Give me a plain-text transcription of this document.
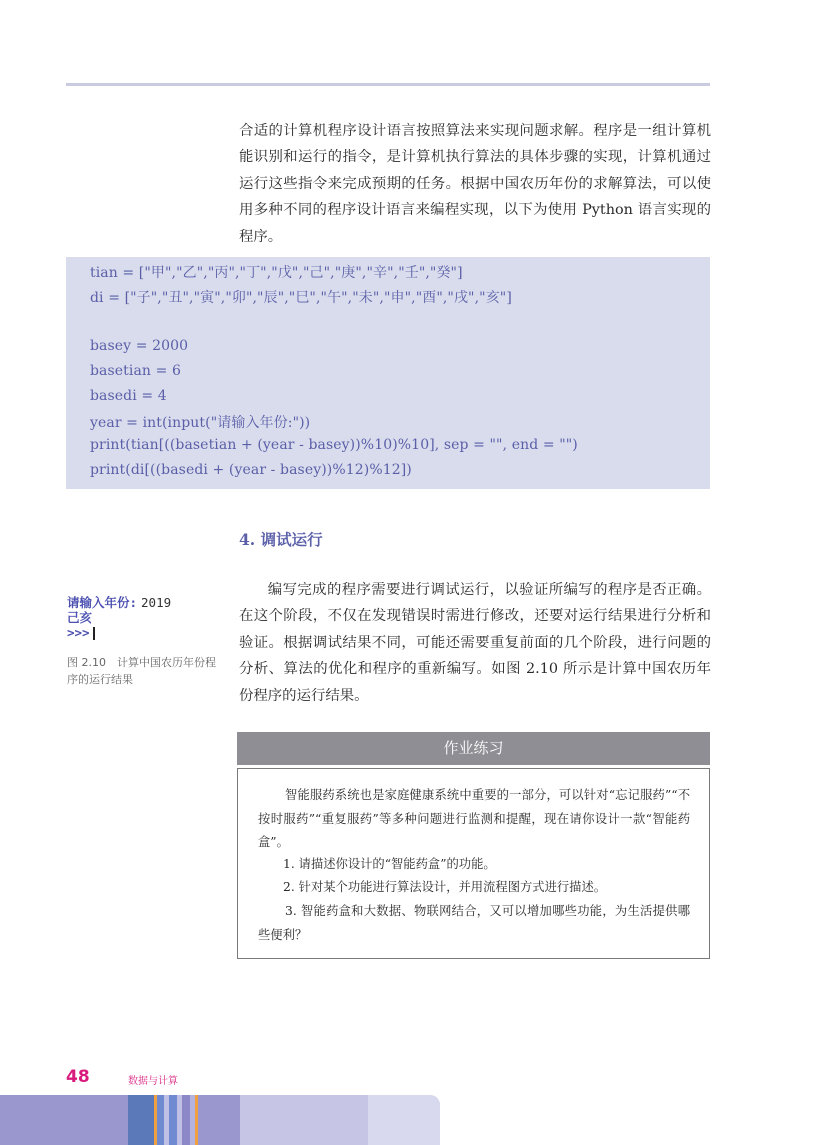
合适的计算机程序设计语言按照算法来实现问题求解。程序是一组计算机能识别和运行的指令，是计算机执行算法的具体步骤的实现，计算机通过运行这些指令来完成预期的任务。根据中国农历年份的求解算法，可以使用多种不同的程序设计语言来编程实现，以下为使用 Python 语言实现的程序。

tian = ["甲","乙","丙","丁","戊","己","庚","辛","壬","癸"]
di = ["子","丑","寅","卯","辰","巳","午","未","申","酉","戌","亥"]
basey = 2000
basetian = 6
basedi = 4
year = int(input("请输入年份:"))
print(tian[((basetian + (year - basey))%10)%10], sep = "", end = "")
print(di[((basedi + (year - basey))%12)%12])
4. 调试运行
请输入年份: 2019
己亥
>>>

图 2.10　计算中国农历年份程序的运行结果

编写完成的程序需要进行调试运行，以验证所编写的程序是否正确。在这个阶段，不仅在发现错误时需进行修改，还要对运行结果进行分析和验证。根据调试结果不同，可能还需要重复前面的几个阶段，进行问题的分析、算法的优化和程序的重新编写。如图 2.10 所示是计算中国农历年份程序的运行结果。

作业练习

智能服药系统也是家庭健康系统中重要的一部分，可以针对“忘记服药”“不按时服药”“重复服药”等多种问题进行监测和提醒，现在请你设计一款“智能药盒”。

1. 请描述你设计的“智能药盒”的功能。

2. 针对某个功能进行算法设计，并用流程图方式进行描述。

3. 智能药盒和大数据、物联网结合，又可以增加哪些功能，为生活提供哪些便利？

48	数据与计算
